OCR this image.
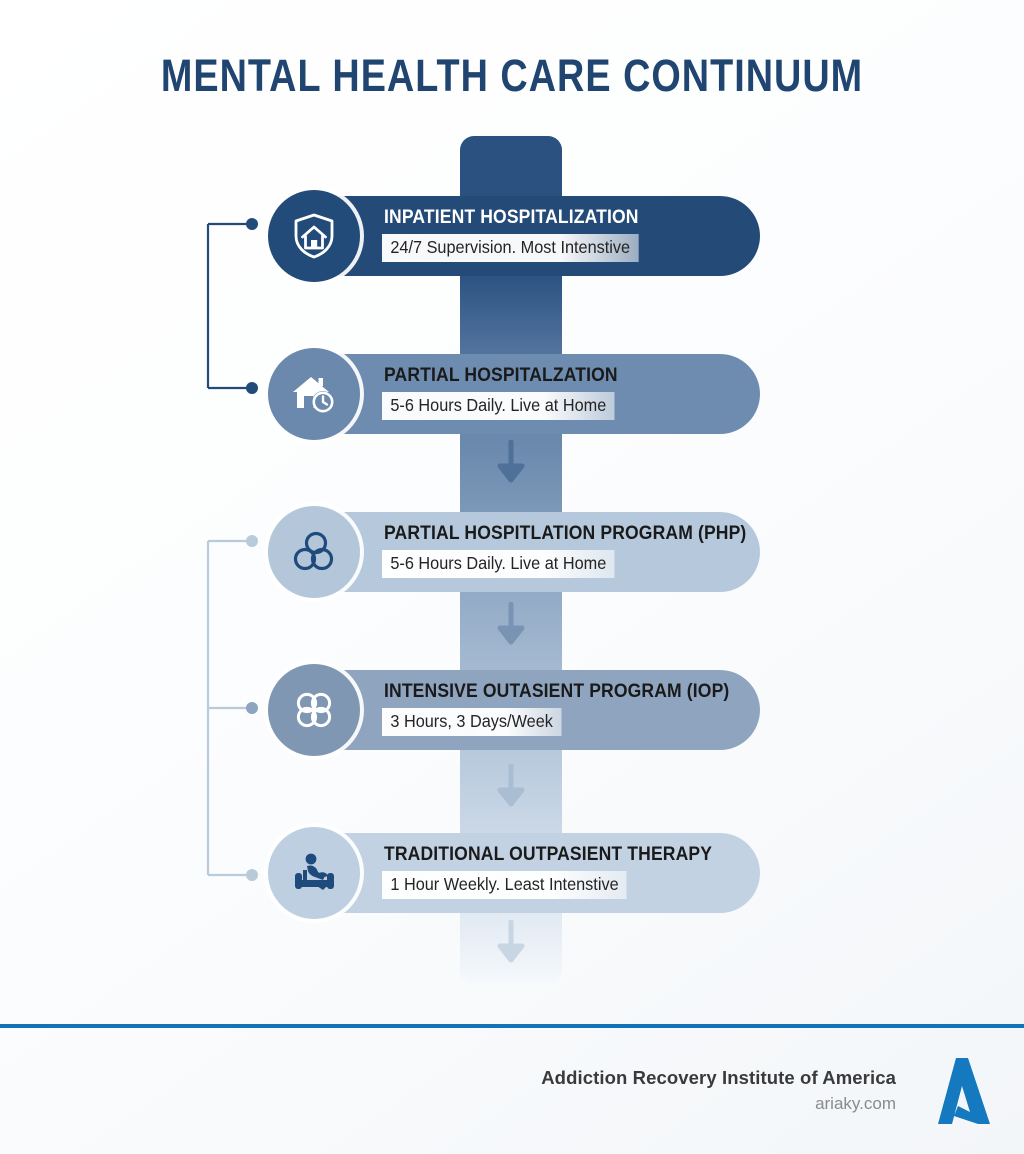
MENTAL HEALTH CARE CONTINUUM
INPATIENT HOSPITALIZATION
24/7 Supervision. Most Intenstive
PARTIAL HOSPITALZATION
5-6 Hours Daily. Live at Home
PARTIAL HOSPITLATION PROGRAM (PHP)
5-6 Hours Daily. Live at Home
INTENSIVE OUTASIENT PROGRAM (IOP)
3 Hours, 3 Days/Week
TRADITIONAL OUTPASIENT THERAPY
1 Hour Weekly. Least Intenstive
Addiction Recovery Institute of America
ariaky.com
